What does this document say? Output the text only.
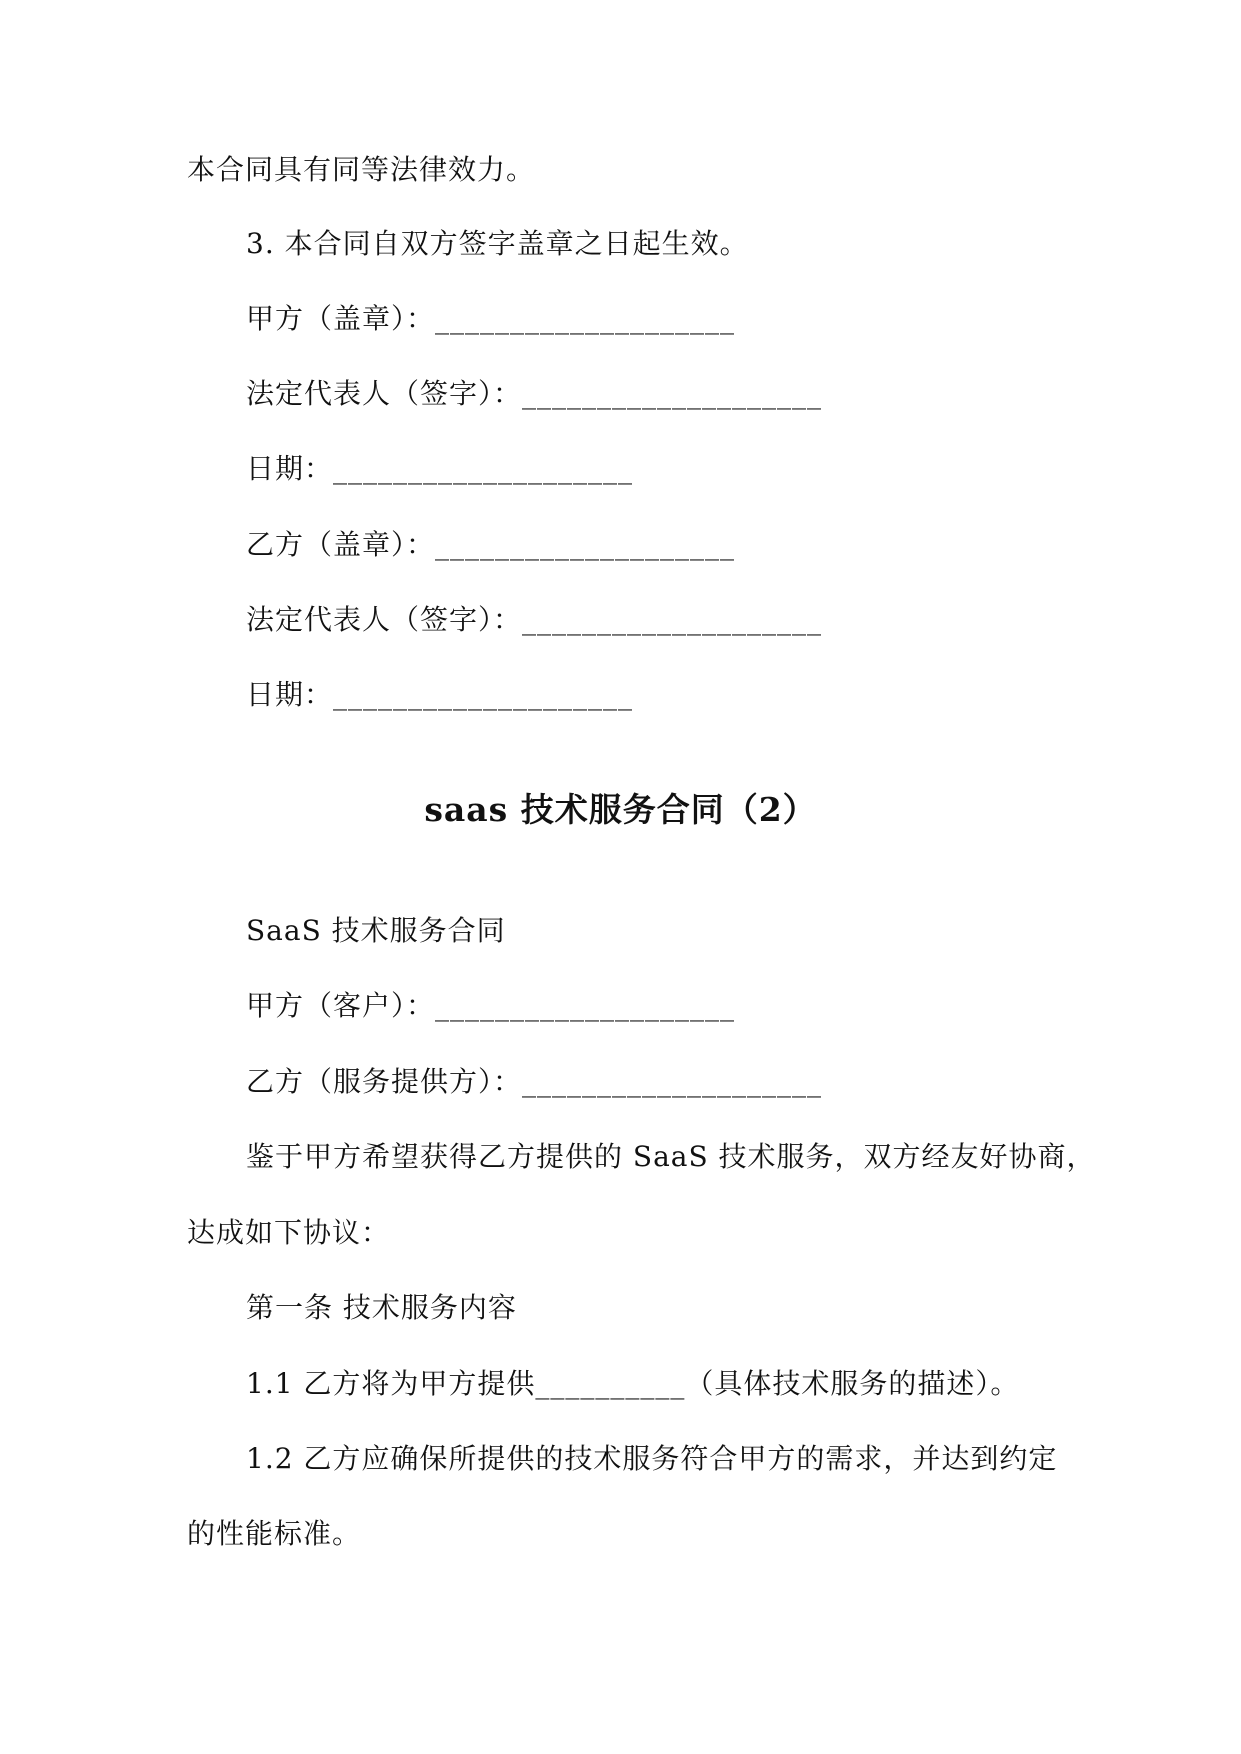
本合同具有同等法律效力。
3. 本合同自双方签字盖章之日起生效。
甲方（盖章）：____________________
法定代表人（签字）：____________________
日期：____________________
乙方（盖章）：____________________
法定代表人（签字）：____________________
日期：____________________
saas 技术服务合同（2）
SaaS 技术服务合同
甲方（客户）：____________________
乙方（服务提供方）：____________________
鉴于甲方希望获得乙方提供的 SaaS 技术服务，双方经友好协商，
达成如下协议：
第一条 技术服务内容
1.1 乙方将为甲方提供__________（具体技术服务的描述）。
1.2 乙方应确保所提供的技术服务符合甲方的需求，并达到约定
的性能标准。
